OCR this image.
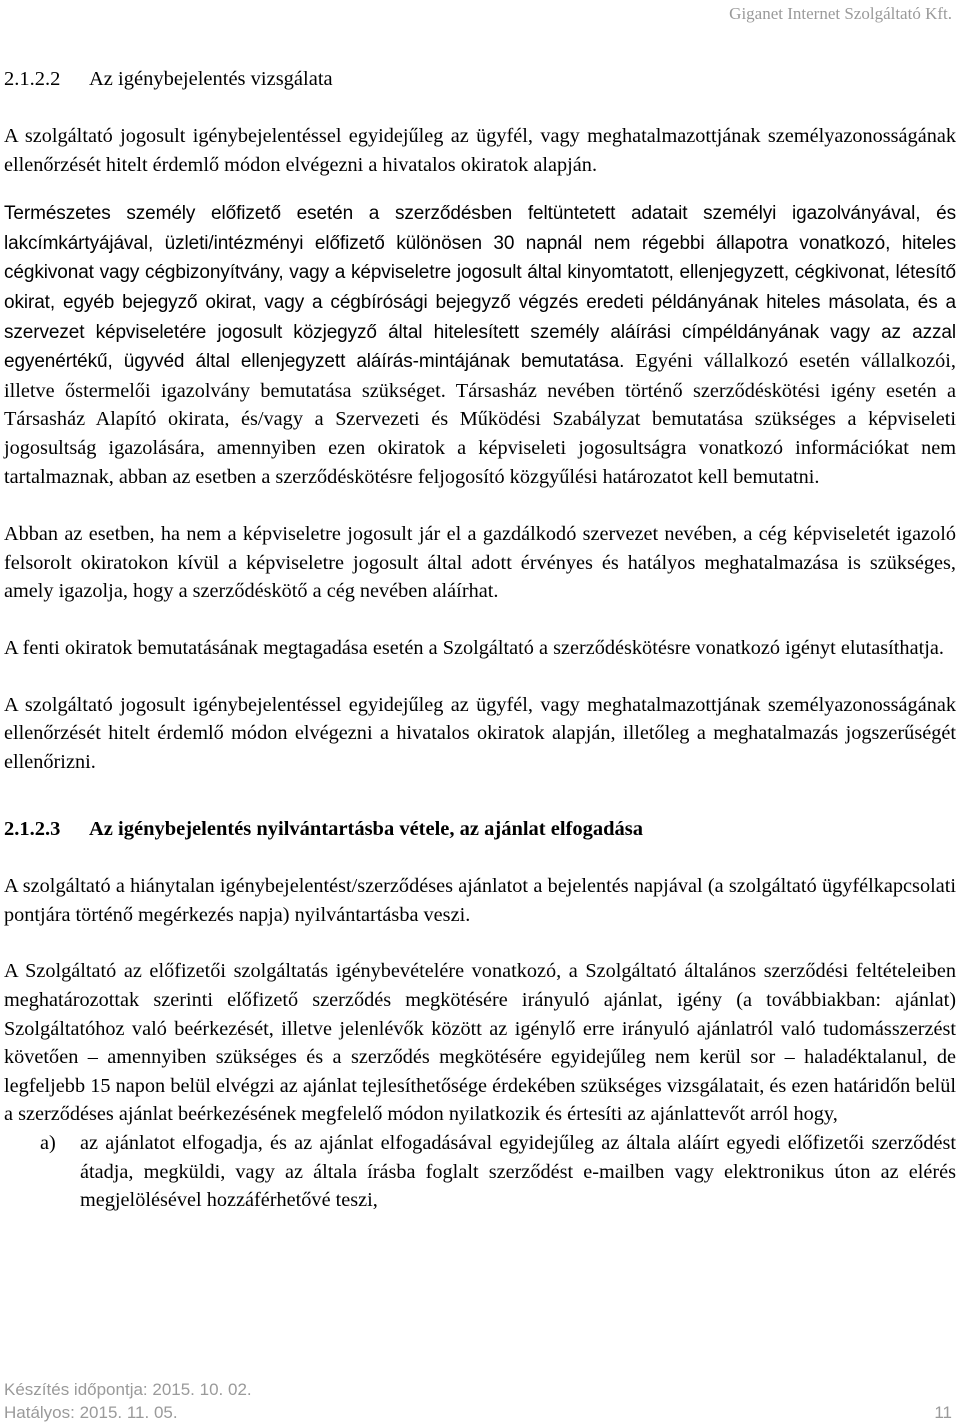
Giganet Internet Szolgáltató Kft.
2.1.2.2 Az igénybejelentés vizsgálata

A szolgáltató jogosult igénybejelentéssel egyidejűleg az ügyfél, vagy meghatalmazottjának személyazonosságának ellenőrzését hitelt érdemlő módon elvégezni a hivatalos okiratok alapján.

Természetes személy előfizető esetén a szerződésben feltüntetett adatait személyi igazolványával, és lakcímkártyájával, üzleti/intézményi előfizető különösen 30 napnál nem régebbi állapotra vonatkozó, hiteles cégkivonat vagy cégbizonyítvány, vagy a képviseletre jogosult által kinyomtatott, ellenjegyzett, cégkivonat, létesítő okirat, egyéb bejegyző okirat, vagy a cégbírósági bejegyző végzés eredeti példányának hiteles másolata, és a szervezet képviseletére jogosult közjegyző által hitelesített személy aláírási címpéldányának vagy az azzal egyenértékű, ügyvéd által ellenjegyzett aláírás-mintájának bemutatása. Egyéni vállalkozó esetén vállalkozói, illetve őstermelői igazolvány bemutatása szükséget. Társasház nevében történő szerződéskötési igény esetén a Társasház Alapító okirata, és/vagy a Szervezeti és Működési Szabályzat bemutatása szükséges a képviseleti jogosultság igazolására, amennyiben ezen okiratok a képviseleti jogosultságra vonatkozó információkat nem tartalmaznak, abban az esetben a szerződéskötésre feljogosító közgyűlési határozatot kell bemutatni.

Abban az esetben, ha nem a képviseletre jogosult jár el a gazdálkodó szervezet nevében, a cég képviseletét igazoló felsorolt okiratokon kívül a képviseletre jogosult által adott érvényes és hatályos meghatalmazása is szükséges, amely igazolja, hogy a szerződéskötő a cég nevében aláírhat.

A fenti okiratok bemutatásának megtagadása esetén a Szolgáltató a szerződéskötésre vonatkozó igényt elutasíthatja.

A szolgáltató jogosult igénybejelentéssel egyidejűleg az ügyfél, vagy meghatalmazottjának személyazonosságának ellenőrzését hitelt érdemlő módon elvégezni a hivatalos okiratok alapján, illetőleg a meghatalmazás jogszerűségét ellenőrizni.

2.1.2.3 Az igénybejelentés nyilvántartásba vétele, az ajánlat elfogadása

A szolgáltató a hiánytalan igénybejelentést/szerződéses ajánlatot a bejelentés napjával (a szolgáltató ügyfélkapcsolati pontjára történő megérkezés napja) nyilvántartásba veszi.

A Szolgáltató az előfizetői szolgáltatás igénybevételére vonatkozó, a Szolgáltató általános szerződési feltételeiben meghatározottak szerinti előfizető szerződés megkötésére irányuló ajánlat, igény (a továbbiakban: ajánlat) Szolgáltatóhoz való beérkezését, illetve jelenlévők között az igénylő erre irányuló ajánlatról való tudomásszerzést követően – amennyiben szükséges és a szerződés megkötésére egyidejűleg nem kerül sor – haladéktalanul, de legfeljebb 15 napon belül elvégzi az ajánlat tejlesíthetősége érdekében szükséges vizsgálatait, és ezen határidőn belül a szerződéses ajánlat beérkezésének megfelelő módon nyilatkozik és értesíti az ajánlattevőt arról hogy,

a)	az ajánlatot elfogadja, és az ajánlat elfogadásával egyidejűleg az általa aláírt egyedi előfizetői szerződést átadja, megküldi, vagy az általa írásba foglalt szerződést e-mailben vagy elektronikus úton az elérés megjelölésével hozzáférhetővé teszi,
Készítés időpontja: 2015. 10. 02.
Hatályos: 2015. 11. 05.	11
